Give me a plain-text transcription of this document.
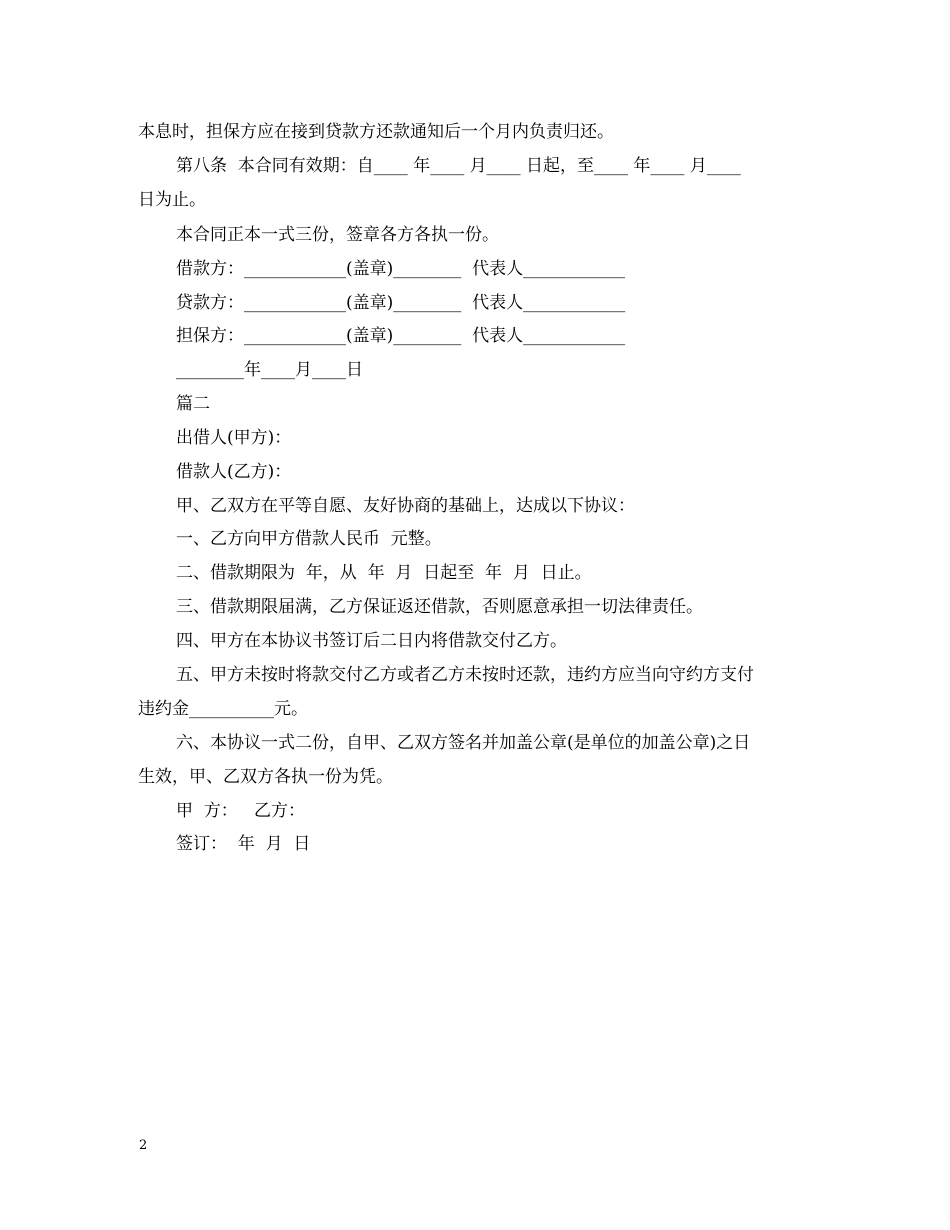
本息时，担保方应在接到贷款方还款通知后一个月内负责归还。
第八条  本合同有效期：自____ 年____ 月____ 日起，至____ 年____ 月____
日为止。
本合同正本一式三份，签章各方各执一份。
借款方：____________(盖章)________  代表人____________
贷款方：____________(盖章)________  代表人____________
担保方：____________(盖章)________  代表人____________
________年____月____日
篇二
出借人(甲方)：
借款人(乙方)：
甲、乙双方在平等自愿、友好协商的基础上，达成以下协议：
一、乙方向甲方借款人民币  元整。
二、借款期限为  年，从  年  月  日起至  年  月  日止。
三、借款期限届满，乙方保证返还借款，否则愿意承担一切法律责任。
四、甲方在本协议书签订后二日内将借款交付乙方。
五、甲方未按时将款交付乙方或者乙方未按时还款，违约方应当向守约方支付
违约金__________元。
六、本协议一式二份，自甲、乙双方签名并加盖公章(是单位的加盖公章)之日
生效，甲、乙双方各执一份为凭。
甲  方：   乙方：
签订：  年  月  日
2
